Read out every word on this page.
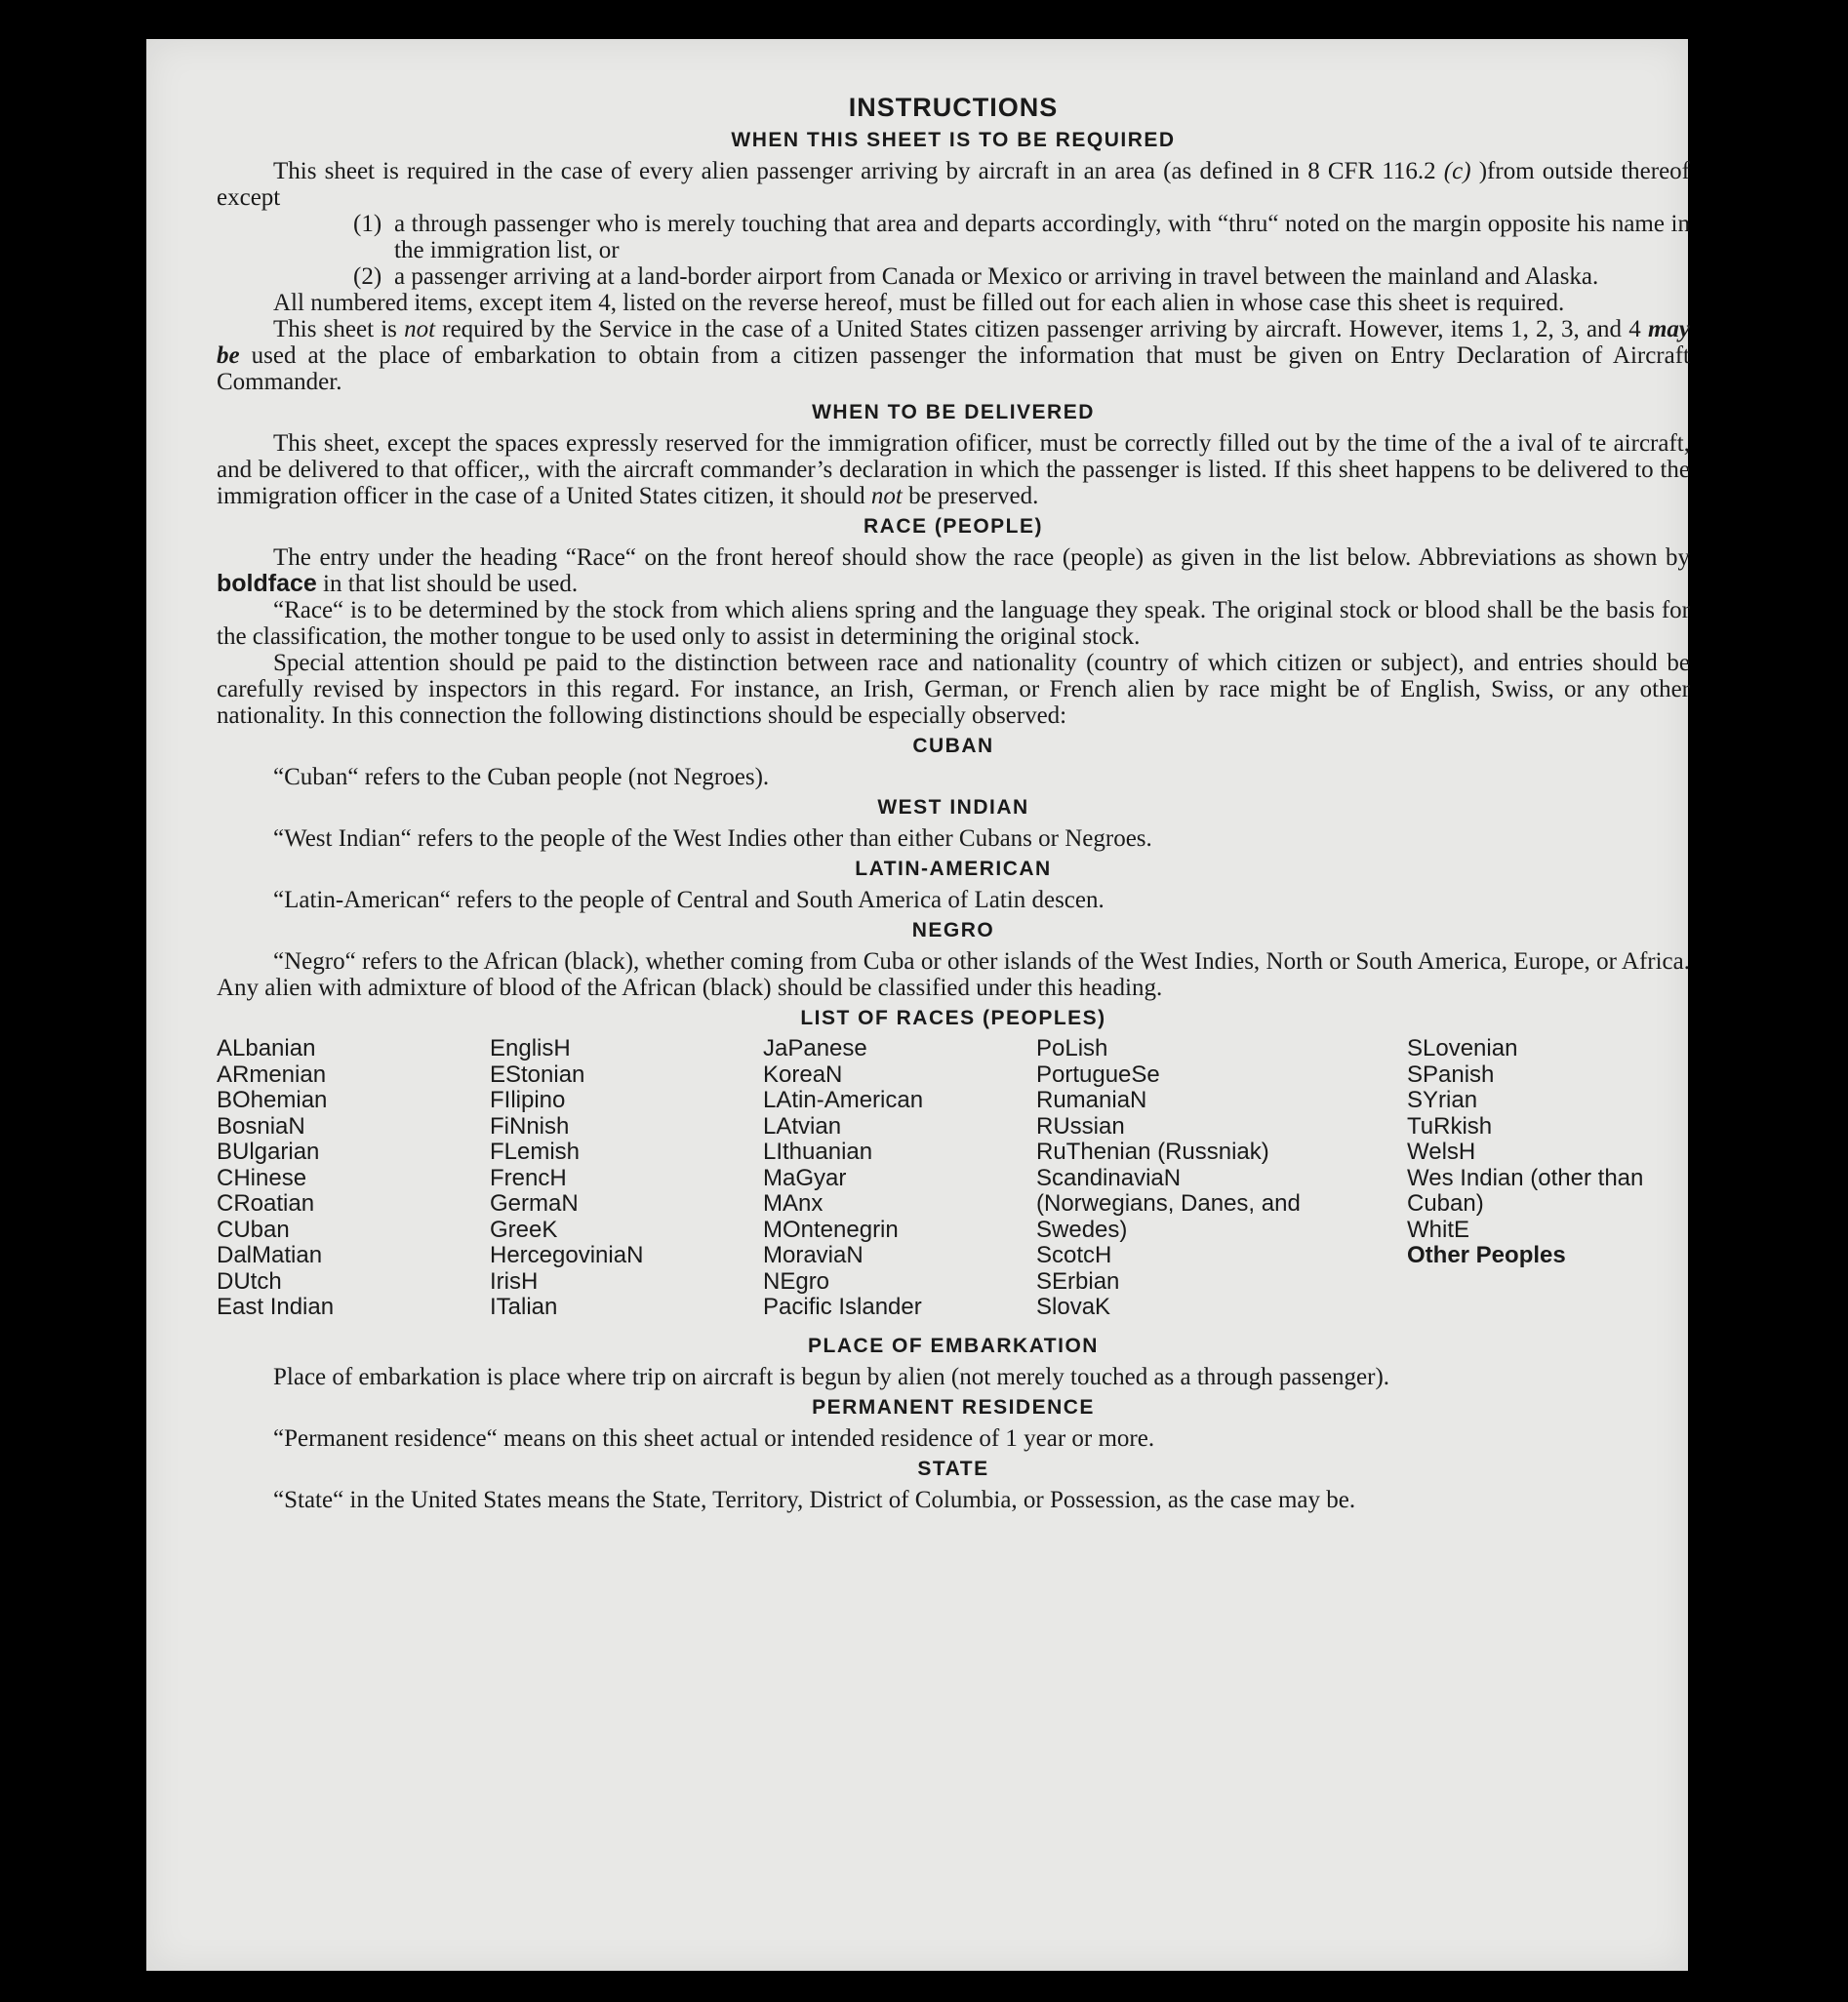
INSTRUCTIONS
WHEN THIS SHEET IS TO BE REQUIRED

This sheet is required in the case of every alien passenger arriving by aircraft in an area (as defined in 8 CFR 116.2 (c) )from outside thereof except

(1) a through passenger who is merely touching that area and departs accordingly, with “thru“ noted on the margin opposite his name in the immigration list, or
(2) a passenger arriving at a land-border airport from Canada or Mexico or arriving in travel between the mainland and Alaska.

All numbered items, except item 4, listed on the reverse hereof, must be filled out for each alien in whose case this sheet is required.

This sheet is not required by the Service in the case of a United States citizen passenger arriving by aircraft. However, items 1, 2, 3, and 4 may be used at the place of embarkation to obtain from a citizen passenger the information that must be given on Entry Declaration of Aircraft Commander.

WHEN TO BE DELIVERED

This sheet, except the spaces expressly reserved for the immigration ofificer, must be correctly filled out by the time of the a ival of te aircraft, and be delivered to that officer,, with the aircraft commander’s declaration in which the passenger is listed. If this sheet happens to be delivered to the immigration officer in the case of a United States citizen, it should not be preserved.

RACE (PEOPLE)

The entry under the heading “Race“ on the front hereof should show the race (people) as given in the list below. Abbreviations as shown by boldface in that list should be used.

“Race“ is to be determined by the stock from which aliens spring and the language they speak. The original stock or blood shall be the basis for the classification, the mother tongue to be used only to assist in determining the original stock.

Special attention should pe paid to the distinction between race and nationality (country of which citizen or subject), and entries should be carefully revised by inspectors in this regard. For instance, an Irish, German, or French alien by race might be of English, Swiss, or any other nationality. In this connection the following distinctions should be especially observed:

CUBAN

“Cuban“ refers to the Cuban people (not Negroes).

WEST INDIAN

“West Indian“ refers to the people of the West Indies other than either Cubans or Negroes.

LATIN-AMERICAN

“Latin-American“ refers to the people of Central and South America of Latin descen.

NEGRO

“Negro“ refers to the African (black), whether coming from Cuba or other islands of the West Indies, North or South America, Europe, or Africa. Any alien with admixture of blood of the African (black) should be classified under this heading.

LIST OF RACES (PEOPLES)
ALbanian
ARmenian
BOhemian
BosniaN
BUlgarian
CHinese
CRoatian
CUban
DalMatian
DUtch
East Indian
EnglisH
EStonian
FIlipino
FiNnish
FLemish
FrencH
GermaN
GreeK
HercegoviniaN
IrisH
ITalian
JaPanese
KoreaN
LAtin-American
LAtvian
LIthuanian
MaGyar
MAnx
MOntenegrin
MoraviaN
NEgro
Pacific Islander
PoLish
PortugueSe
RumaniaN
RUssian
RuThenian (Russniak)
ScandinaviaN (Norwegians, Danes, and Swedes)
ScotcH
SErbian
SlovaK
SLovenian
SPanish
SYrian
TuRkish
WelsH
Wes Indian (other than Cuban)
WhitE
Other Peoples
PLACE OF EMBARKATION

Place of embarkation is place where trip on aircraft is begun by alien (not merely touched as a through passenger).

PERMANENT RESIDENCE

“Permanent residence“ means on this sheet actual or intended residence of 1 year or more.

STATE

“State“ in the United States means the State, Territory, District of Columbia, or Possession, as the case may be.
